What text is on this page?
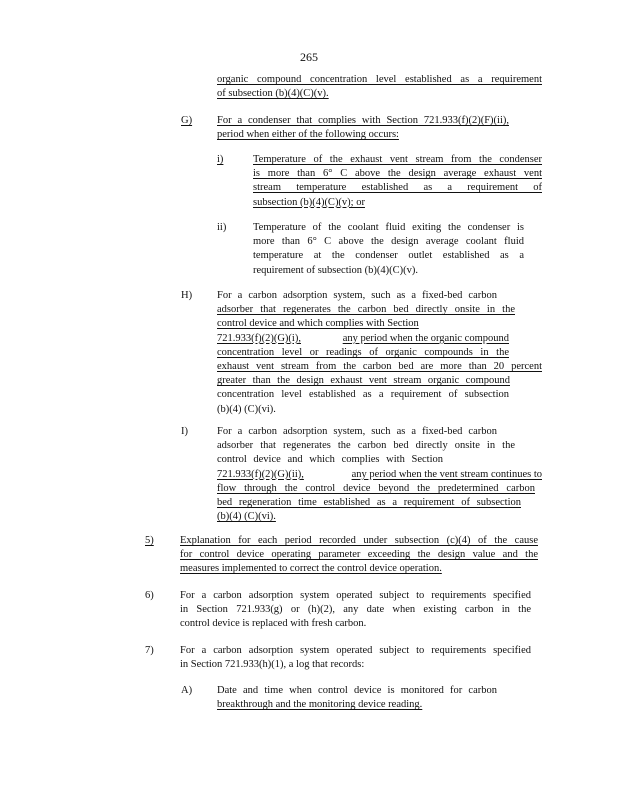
265
organic compound concentration level established as a requirement
of subsection (b)(4)(C)(v).
G) For a condenser that complies with Section 721.933(f)(2)(F)(ii),
period when either of the following occurs:
i)	Temperature of the exhaust vent stream from the condenser
is more than 6° C above the design average exhaust vent
stream temperature established as a requirement of
subsection (b)(4)(C)(v); or
ii)	Temperature of the coolant fluid exiting the condenser is
more than 6° C above the design average coolant fluid
temperature at the condenser outlet established as a
requirement of subsection (b)(4)(C)(v).
H) For a carbon adsorption system, such as a fixed-bed carbon
adsorber that regenerates the carbon bed directly onsite in the
control device and which complies with Section
721.933(f)(2)(G)(i),	any period when the organic compound
concentration level or readings of organic compounds in the
exhaust vent stream from the carbon bed are more than 20 percent
greater than the design exhaust vent stream organic compound
concentration level established as a requirement of subsection
(b)(4) (C)(vi).
I)	For a carbon adsorption system, such as a fixed-bed carbon
adsorber that regenerates the carbon bed directly onsite in the
control device and which complies with Section
721.933(f)(2)(G)(ii),	any period when the vent stream continues to
flow through the control device beyond the predetermined carbon
bed regeneration time established as a requirement of subsection
(b)(4) (C)(vi).
5)	Explanation for each period recorded under subsection (c)(4) of the cause
for control device operating parameter exceeding the design value and the
measures implemented to correct the control device operation.
6)	For a carbon adsorption system operated subject to requirements specified
in Section 721.933(g) or (h)(2), any date when existing carbon in the
control device is replaced with fresh carbon.
7)	For a carbon adsorption system operated subject to requirements specified
in Section 721.933(h)(1), a log that records:
A) Date and time when control device is monitored for carbon
breakthrough and the monitoring device reading.
